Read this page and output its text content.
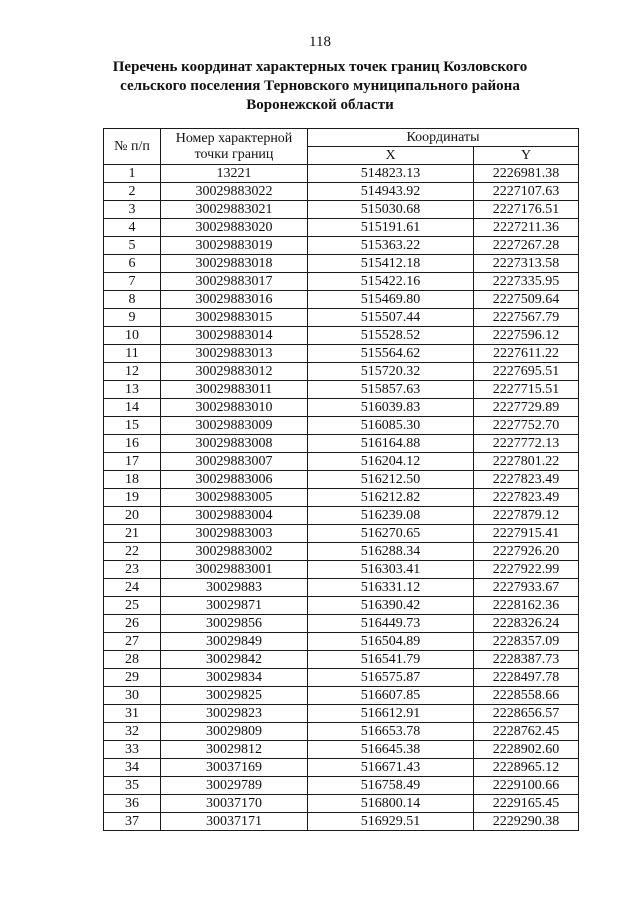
118
Перечень координат характерных точек границ Козловского
сельского поселения Терновского муниципального района
Воронежской области
№ п/п	Номер характерной точки границ	Координаты	
		X	Y
1	13221	514823.13	2226981.38
2	30029883022	514943.92	2227107.63
3	30029883021	515030.68	2227176.51
4	30029883020	515191.61	2227211.36
5	30029883019	515363.22	2227267.28
6	30029883018	515412.18	2227313.58
7	30029883017	515422.16	2227335.95
8	30029883016	515469.80	2227509.64
9	30029883015	515507.44	2227567.79
10	30029883014	515528.52	2227596.12
11	30029883013	515564.62	2227611.22
12	30029883012	515720.32	2227695.51
13	30029883011	515857.63	2227715.51
14	30029883010	516039.83	2227729.89
15	30029883009	516085.30	2227752.70
16	30029883008	516164.88	2227772.13
17	30029883007	516204.12	2227801.22
18	30029883006	516212.50	2227823.49
19	30029883005	516212.82	2227823.49
20	30029883004	516239.08	2227879.12
21	30029883003	516270.65	2227915.41
22	30029883002	516288.34	2227926.20
23	30029883001	516303.41	2227922.99
24	30029883	516331.12	2227933.67
25	30029871	516390.42	2228162.36
26	30029856	516449.73	2228326.24
27	30029849	516504.89	2228357.09
28	30029842	516541.79	2228387.73
29	30029834	516575.87	2228497.78
30	30029825	516607.85	2228558.66
31	30029823	516612.91	2228656.57
32	30029809	516653.78	2228762.45
33	30029812	516645.38	2228902.60
34	30037169	516671.43	2228965.12
35	30029789	516758.49	2229100.66
36	30037170	516800.14	2229165.45
37	30037171	516929.51	2229290.38
